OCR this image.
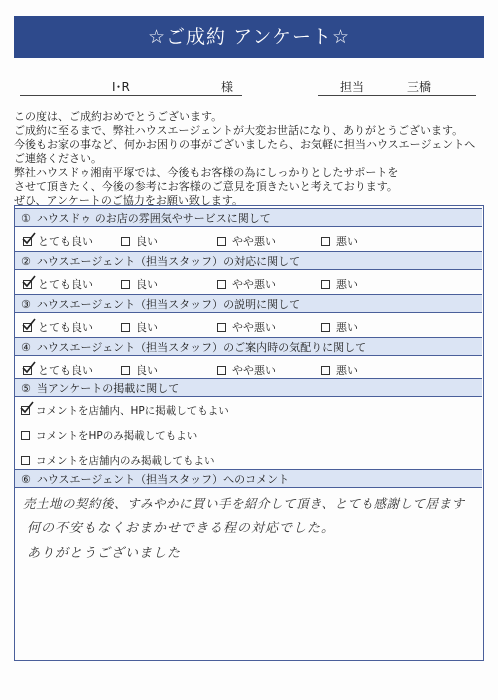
☆ご成約 アンケート☆
I･R	様	担当	三橋
この度は、ご成約おめでとうございます。
ご成約に至るまで、弊社ハウスエージェントが大変お世話になり、ありがとうございます。
今後もお家の事など、何かお困りの事がございましたら、お気軽に担当ハウスエージェントへ
ご連絡ください。
弊社ハウスドゥ湘南平塚では、今後もお客様の為にしっかりとしたサポートを
させて頂きたく、今後の参考にお客様のご意見を頂きたいと考えております。
ぜひ、アンケートのご協力をお願い致します。
① ハウスドゥ のお店の雰囲気やサービスに関して
とても良い	良い	やや悪い	悪い
② ハウスエージェント（担当スタッフ）の対応に関して
とても良い	良い	やや悪い	悪い
③ ハウスエージェント（担当スタッフ）の説明に関して
とても良い	良い	やや悪い	悪い
④ ハウスエージェント（担当スタッフ）のご案内時の気配りに関して
とても良い	良い	やや悪い	悪い
⑤ 当アンケートの掲載に関して
コメントを店舗内、HPに掲載してもよい
コメントをHPのみ掲載してもよい
コメントを店舗内のみ掲載してもよい
⑥ ハウスエージェント（担当スタッフ）へのコメント
売土地の契約後、すみやかに買い手を紹介して頂き、とても感謝して居ます
何の不安もなくおまかせできる程の対応でした。
ありがとうございました
